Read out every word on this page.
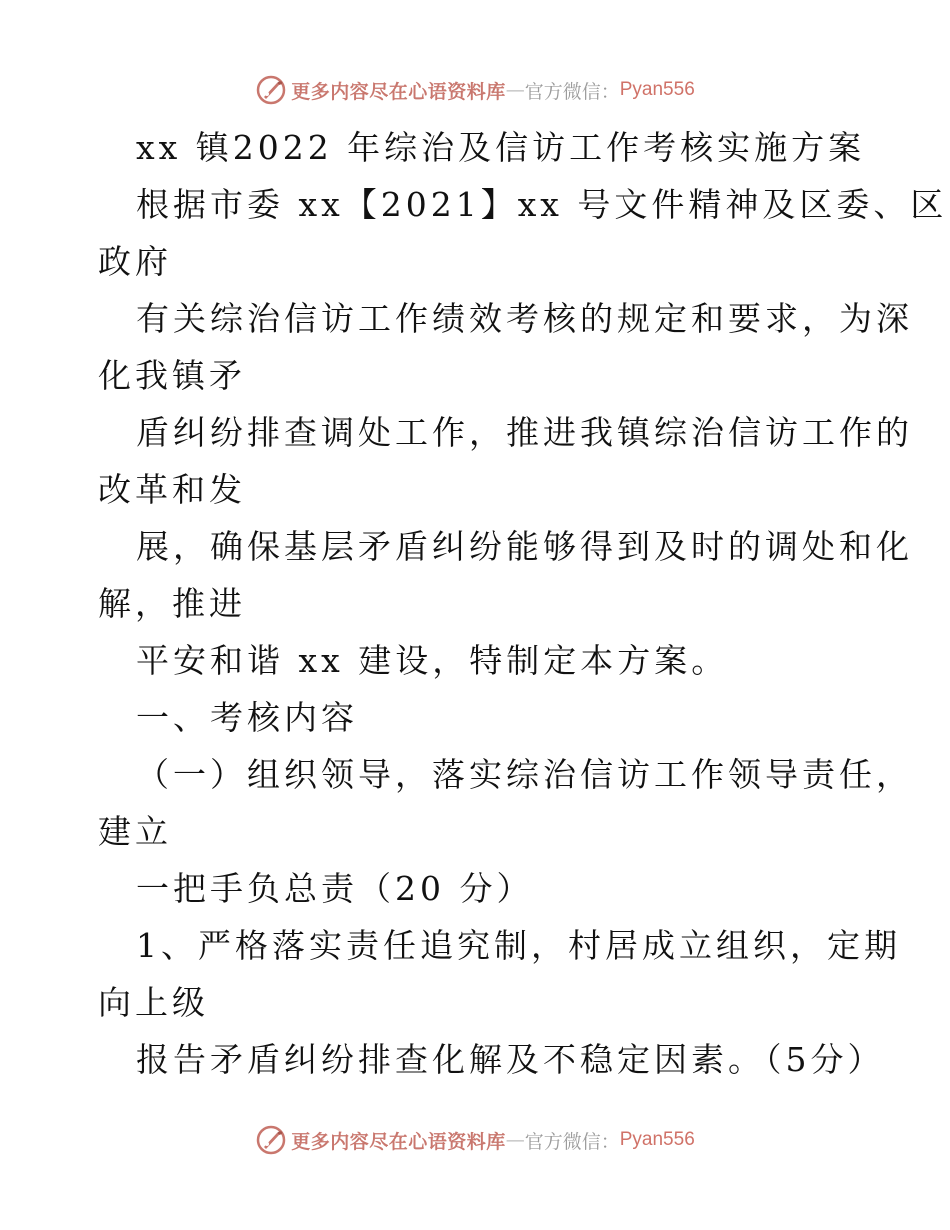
更多内容尽在心语资料库 — 官方微信： Pyan556
xx 镇2022 年综治及信访工作考核实施方案
根据市委 xx【2021】xx 号文件精神及区委、区
政府
有关综治信访工作绩效考核的规定和要求，为深
化我镇矛
盾纠纷排查调处工作，推进我镇综治信访工作的
改革和发
展，确保基层矛盾纠纷能够得到及时的调处和化
解，推进
平安和谐 xx 建设，特制定本方案。
一、考核内容
（一）组织领导，落实综治信访工作领导责任，
建立
一把手负总责（20 分）
1、严格落实责任追究制，村居成立组织，定期
向上级
报告矛盾纠纷排查化解及不稳定因素。（5分）
更多内容尽在心语资料库 — 官方微信： Pyan556
